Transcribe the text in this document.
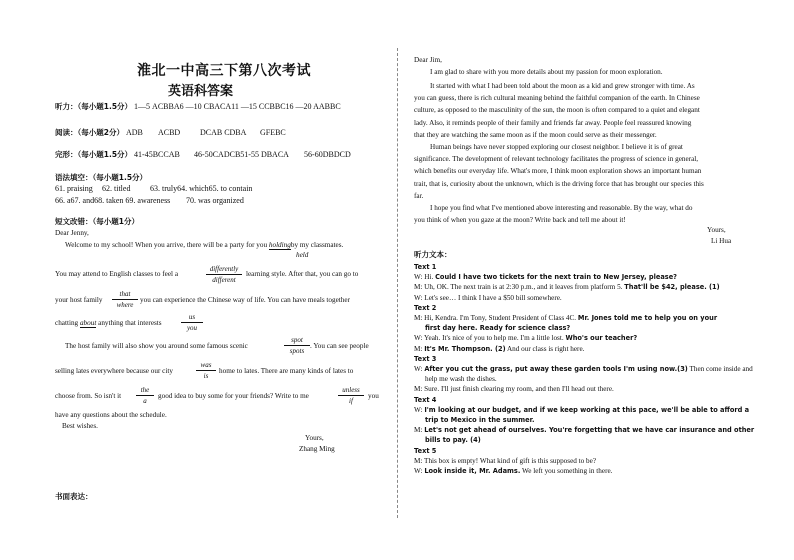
淮北一中高三下第八次考试
英语科答案
听力：（每小题1.5分） 1—5 ACBBA6 —10 CBACA11 —15 CCBBC16 —20 AABBC
阅读：（每小题2分） ADB ACBD DCAB CDBA GFEBC
完形：（每小题1.5分） 41-45BCCAB 46-50CADCB51-55 DBACA 56-60DBDCD
语法填空：（每小题1.5分）
61. praising 62. titled 63. truly64. which65. to contain
66. a67. and68. taken 69. awareness 70. was organized
短文改错：（每小题1分）
Dear Jenny,
Welcome to my school! When you arrive, there will be a party for you holdingby my classmates.
held
You may attend to English classes to feel a
differently
different
learning style. After that, you can go to
your host family
that
where
you can experience the Chinese way of life. You can have meals together
chatting about anything that interests
us
you
The host family will also show you around some famous scenic
spot
spots
. You can see people
selling lates everywhere because our city
was
is
home to lates. There are many kinds of lates to
choose from. So isn't it
the
a
good idea to buy some for your friends? Write to me
unless
if
you
have any questions about the schedule.
Best wishes.
Yours,
Zhang Ming
书面表达：
Dear Jim,
I am glad to share with you more details about my passion for moon exploration.
It started with what I had been told about the moon as a kid and grew stronger with time. As
you can guess, there is rich cultural meaning behind the faithful companion of the earth. In Chinese
culture, as opposed to the masculinity of the sun, the moon is often compared to a quiet and elegant
lady. Also, it reminds people of their family and friends far away. People feel reassured knowing
that they are watching the same moon as if the moon could serve as their messenger.
Human beings have never stopped exploring our closest neighbor. I believe it is of great
significance. The development of relevant technology facilitates the progress of science in general,
which benefits our everyday life. What's more, I think moon exploration shows an important human
trait, that is, curiosity about the unknown, which is the driving force that has brought our species this
far.
I hope you find what I've mentioned above interesting and reasonable. By the way, what do
you think of when you gaze at the moon? Write back and tell me about it!
Yours,
Li Hua
听力文本：
Text 1
W: Hi. Could I have two tickets for the next train to New Jersey, please?
M: Uh, OK. The next train is at 2:30 p.m., and it leaves from platform 5. That'll be $42, please. (1)
W: Let's see… I think I have a $50 bill somewhere.
Text 2
M: Hi, Kendra. I'm Tony, Student President of Class 4C. Mr. Jones told me to help you on your
first day here. Ready for science class?
W: Yeah. It's nice of you to help me. I'm a little lost. Who's our teacher?
M: It's Mr. Thompson. (2) And our class is right here.
Text 3
W: After you cut the grass, put away these garden tools I'm using now.(3) Then come inside and
help me wash the dishes.
M: Sure. I'll just finish clearing my room, and then I'll head out there.
Text 4
W: I'm looking at our budget, and if we keep working at this pace, we'll be able to afford a
trip to Mexico in the summer.
M: Let's not get ahead of ourselves. You're forgetting that we have car insurance and other
bills to pay. (4)
Text 5
M: This box is empty! What kind of gift is this supposed to be?
W: Look inside it, Mr. Adams. We left you something in there.
